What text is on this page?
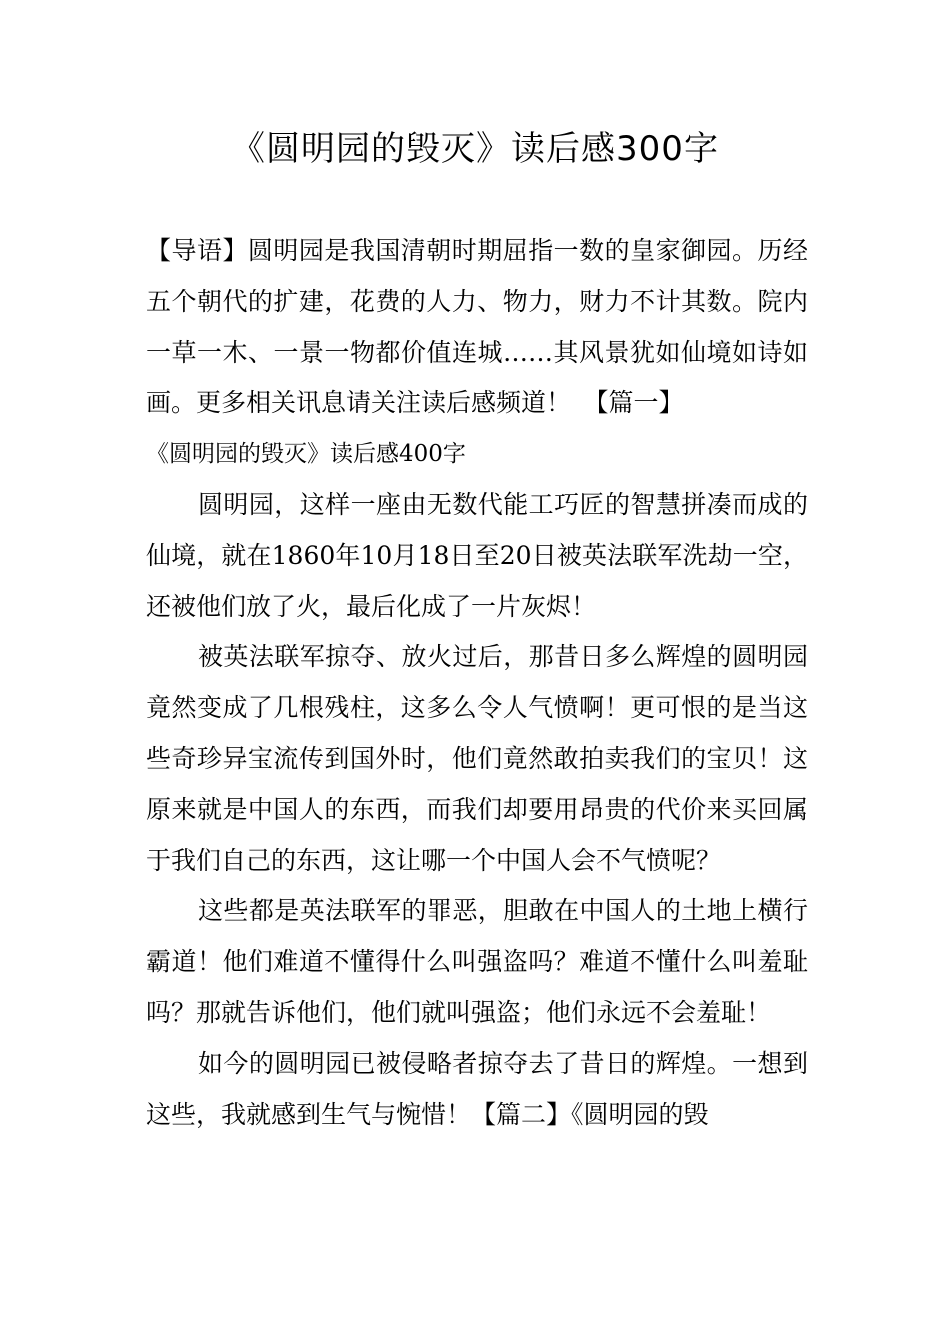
《圆明园的毁灭》读后感300字

【导语】圆明园是我国清朝时期屈指一数的皇家御园。历经五个朝代的扩建，花费的人力、物力，财力不计其数。院内一草一木、一景一物都价值连城……其风景犹如仙境如诗如画。更多相关讯息请关注读后感频道！　【篇一】

《圆明园的毁灭》读后感400字

圆明园，这样一座由无数代能工巧匠的智慧拼凑而成的仙境，就在1860年10月18日至20日被英法联军洗劫一空，还被他们放了火，最后化成了一片灰烬！

被英法联军掠夺、放火过后，那昔日多么辉煌的圆明园竟然变成了几根残柱，这多么令人气愤啊！更可恨的是当这些奇珍异宝流传到国外时，他们竟然敢拍卖我们的宝贝！这原来就是中国人的东西，而我们却要用昂贵的代价来买回属于我们自己的东西，这让哪一个中国人会不气愤呢？

这些都是英法联军的罪恶，胆敢在中国人的土地上横行霸道！他们难道不懂得什么叫强盗吗？难道不懂什么叫羞耻吗？那就告诉他们，他们就叫强盗；他们永远不会羞耻！

如今的圆明园已被侵略者掠夺去了昔日的辉煌。一想到这些，我就感到生气与惋惜！【篇二】《圆明园的毁
